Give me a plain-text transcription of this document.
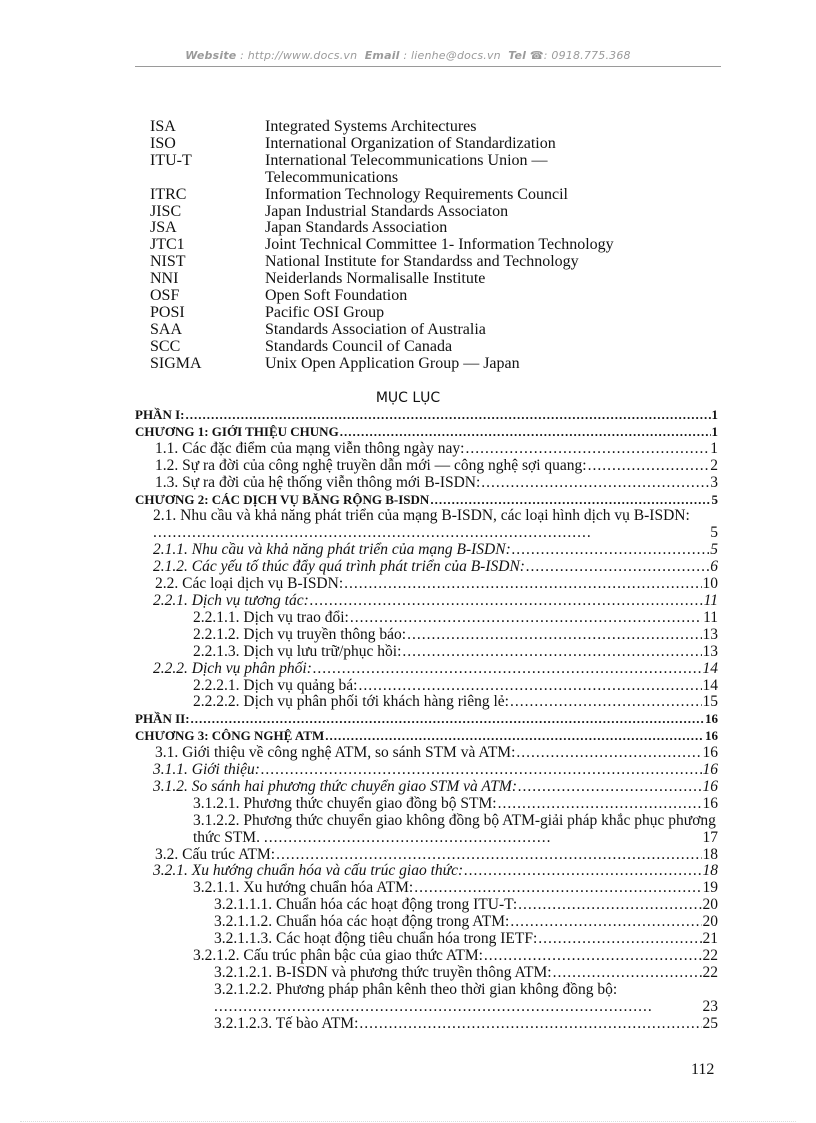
Website : http://www.docs.vn Email : lienhe@docs.vn Tel ☎: 0918.775.368
ISA	Integrated Systems Architectures
ISO	International Organization of Standardization
ITU-T	International Telecommunications Union — Telecommunications
ITRC	Information Technology Requirements Council
JISC	Japan Industrial Standards Associaton
JSA	Japan Standards Association
JTC1	Joint Technical Committee 1- Information Technology
NIST	National Institute for Standardss and Technology
NNI	Neiderlands Normalisalle Institute
OSF	Open Soft Foundation
POSI	Pacific OSI Group
SAA	Standards Association of Australia
SCC	Standards Council of Canada
SIGMA	Unix Open Application Group — Japan
MỤC LỤC
PHẦN I: .....	1
CHƯƠNG 1: GIỚI THIỆU CHUNG .....	1
1.1. Các đặc điểm của mạng viễn thông ngày nay: .....	1
1.2. Sự ra đời của công nghệ truyền dẫn mới — công nghệ sợi quang: .....	2
1.3. Sự ra đời của hệ thống viễn thông mới B-ISDN: .....	3
CHƯƠNG 2: CÁC DỊCH VỤ BĂNG RỘNG B-ISDN .....	5
2.1. Nhu cầu và khả năng phát triển của mạng B-ISDN, các loại hình dịch vụ B-ISDN: ..........................................................................................	5
2.1.1. Nhu cầu và khả năng phát triển của mạng B-ISDN: .....	5
2.1.2. Các yếu tố thúc đẩy quá trình phát triển của B-ISDN: .....	6
2.2. Các loại dịch vụ B-ISDN: .....	10
2.2.1. Dịch vụ tương tác: .....	11
2.2.1.1. Dịch vụ trao đổi: .....	11
2.2.1.2. Dịch vụ truyền thông báo: .....	13
2.2.1.3. Dịch vụ lưu trữ/phục hồi: .....	13
2.2.2. Dịch vụ phân phối: .....	14
2.2.2.1. Dịch vụ quảng bá: .....	14
2.2.2.2. Dịch vụ phân phối tới khách hàng riêng lẻ: .....	15
PHẦN II: .....	16
CHƯƠNG 3: CÔNG NGHỆ ATM .....	16
3.1. Giới thiệu về công nghệ ATM, so sánh STM và ATM: .....	16
3.1.1. Giới thiệu: .....	16
3.1.2. So sánh hai phương thức chuyển giao STM và ATM: .....	16
3.1.2.1. Phương thức chuyển giao đồng bộ STM: .....	16
3.1.2.2. Phương thức chuyển giao không đồng bộ ATM-giải pháp khắc phục phương thức STM. ...........................................................	17
3.2. Cấu trúc ATM: .....	18
3.2.1. Xu hướng chuẩn hóa và cấu trúc giao thức: .....	18
3.2.1.1. Xu hướng chuẩn hóa ATM: .....	19
3.2.1.1.1. Chuẩn hóa các hoạt động trong ITU-T: .....	20
3.2.1.1.2. Chuẩn hóa các hoạt động trong ATM: .....	20
3.2.1.1.3. Các hoạt động tiêu chuẩn hóa trong IETF: .....	21
3.2.1.2. Cấu trúc phân bậc của giao thức ATM: .....	22
3.2.1.2.1. B-ISDN và phương thức truyền thông ATM: .....	22
3.2.1.2.2. Phương pháp phân kênh theo thời gian không đồng bộ: ..........................................................................................	23
3.2.1.2.3. Tế bào ATM: .....	25
112
